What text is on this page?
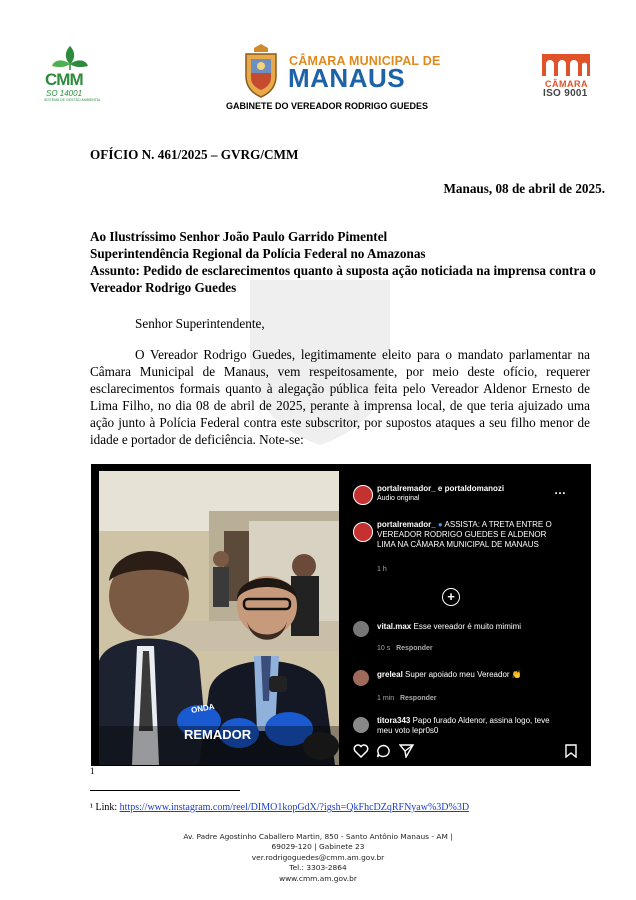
CMM
SO 14001
SISTEMA DE GESTÃO AMBIENTAL
CÂMARA MUNICIPAL DE
MANAUS
GABINETE DO VEREADOR RODRIGO GUEDES
CÂMARA
ISO 9001
OFÍCIO N. 461/2025 – GVRG/CMM
Manaus, 08 de abril de 2025.
Ao Ilustríssimo Senhor João Paulo Garrido Pimentel
Superintendência Regional da Polícia Federal no Amazonas
Assunto: Pedido de esclarecimentos quanto à suposta ação noticiada na imprensa contra o Vereador Rodrigo Guedes
Senhor Superintendente,
O Vereador Rodrigo Guedes, legitimamente eleito para o mandato parlamentar na Câmara Municipal de Manaus, vem respeitosamente, por meio deste ofício, requerer esclarecimentos formais quanto à alegação pública feita pelo Vereador Aldenor Ernesto de Lima Filho, no dia 08 de abril de 2025, perante à imprensa local, de que teria ajuizado uma ação junto à Polícia Federal contra este subscritor, por supostos ataques a seu filho menor de idade e portador de deficiência. Note-se:
REMADOR
ONDA
portalremador_ e portaldomanozi
Áudio original
…
portalremador_ ● ASSISTA: A TRETA ENTRE O VEREADOR RODRIGO GUEDES E ALDENOR LIMA NA CÂMARA MUNICIPAL DE MANAUS
1 h
+
vital.max Esse vereador é muito mimimi
10 s Responder
greleal Super apoiado meu Vereador 👏
1 min Responder
titora343 Papo furado Aldenor, assina logo, teve meu voto lepr0s0
1
¹ Link: https://www.instagram.com/reel/DIMO1kopGdX/?igsh=QkFhcDZqRFNyaw%3D%3D
Av. Padre Agostinho Caballero Martin, 850 - Santo Antônio Manaus - AM |
69029-120 | Gabinete 23
ver.rodrigoguedes@cmm.am.gov.br
Tel.: 3303-2864
www.cmm.am.gov.br
